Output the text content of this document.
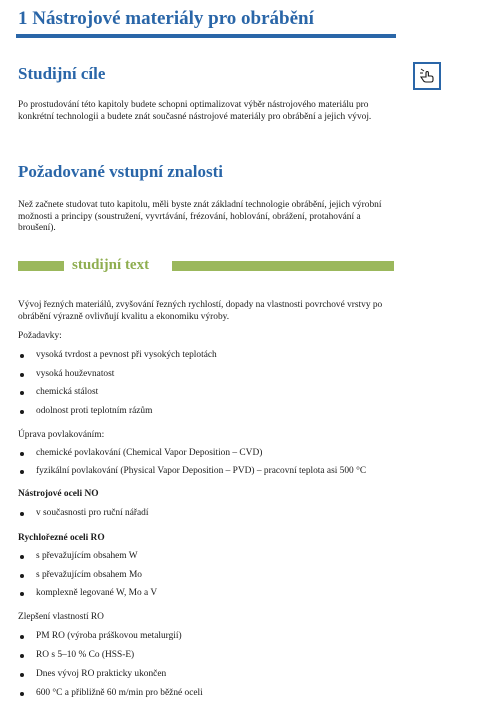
1 Nástrojové materiály pro obrábění
Studijní cíle
Po prostudování této kapitoly budete schopni optimalizovat výběr nástrojového materiálu pro konkrétní technologii a budete znát současné nástrojové materiály pro obrábění a jejich vývoj.
Požadované vstupní znalosti
Než začnete studovat tuto kapitolu, měli byste znát základní technologie obrábění, jejich výrobní možnosti a principy (soustružení, vyvrtávání, frézování, hoblování, obrážení, protahování a broušení).
studijní text
Vývoj řezných materiálů, zvyšování řezných rychlostí, dopady na vlastnosti povrchové vrstvy po obrábění výrazně ovlivňují kvalitu a ekonomiku výroby.
Požadavky:
vysoká tvrdost a pevnost při vysokých teplotách
vysoká houževnatost
chemická stálost
odolnost proti teplotním rázům
Úprava povlakováním:
chemické povlakování (Chemical Vapor Deposition – CVD)
fyzikální povlakování (Physical Vapor Deposition – PVD) – pracovní teplota asi 500 °C
Nástrojové oceli NO
v současnosti pro ruční nářadí
Rychlořezné oceli RO
s převažujícím obsahem W
s převažujícím obsahem Mo
komplexně legované W, Mo a V
Zlepšení vlastností RO
PM RO (výroba práškovou metalurgií)
RO s 5–10 % Co (HSS-E)
Dnes vývoj RO prakticky ukončen
600 °C a přibližně 60 m/min pro běžné oceli
